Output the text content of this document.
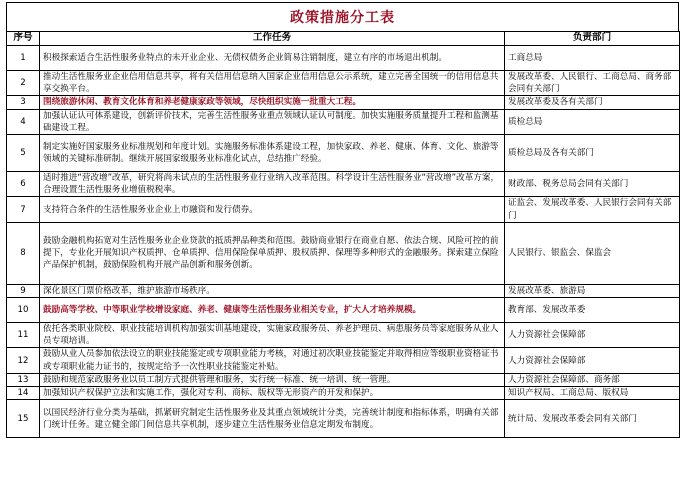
政策措施分工表
序号	工作任务	负责部门
1	积极探索适合生活性服务业特点的未开业企业、无债权债务企业简易注销制度，建立有序的市场退出机制。	工商总局
2	推动生活性服务业企业信用信息共享，将有关信用信息纳入国家企业信用信息公示系统，建立完善全国统一的信用信息共享交换平台。	发展改革委、人民银行、工商总局、商务部会同有关部门
3	围绕旅游休闲、教育文化体育和养老健康家政等领域，尽快组织实施一批重大工程。	发展改革委及各有关部门
4	加强认证认可体系建设，创新评价技术，完善生活性服务业重点领域认证认可制度。加快实施服务质量提升工程和监测基础建设工程。	质检总局
5	制定实施好国家服务业标准规划和年度计划。实施服务标准体系建设工程，加快家政、养老、健康、体育、文化、旅游等领域的关键标准研制。继续开展国家级服务业标准化试点，总结推广经验。	质检总局及各有关部门
6	适时推进“营改增”改革，研究将尚未试点的生活性服务业行业纳入改革范围。科学设计生活性服务业“营改增”改革方案，合理设置生活性服务业增值税税率。	财政部、税务总局会同有关部门
7	支持符合条件的生活性服务业企业上市融资和发行债券。	证监会、发展改革委、人民银行会同有关部门
8	鼓励金融机构拓宽对生活性服务业企业贷款的抵质押品种类和范围。鼓励商业银行在商业自愿、依法合规、风险可控的前提下，专业化开展知识产权质押、仓单质押、信用保险保单质押、股权质押、保理等多种形式的金融服务。探索建立保险产品保护机制，鼓励保险机构开展产品创新和服务创新。	人民银行、银监会、保监会
9	深化景区门票价格改革，维护旅游市场秩序。	发展改革委、旅游局
10	鼓励高等学校、中等职业学校增设家庭、养老、健康等生活性服务业相关专业，扩大人才培养规模。	教育部、发展改革委
11	依托各类职业院校、职业技能培训机构加强实训基地建设，实施家政服务员、养老护理员、病患服务员等家庭服务从业人员专项培训。	人力资源社会保障部
12	鼓励从业人员参加依法设立的职业技能鉴定或专项职业能力考核，对通过初次职业技能鉴定并取得相应等级职业资格证书或专项职业能力证书的，按规定给予一次性职业技能鉴定补贴。	人力资源社会保障部
13	鼓励和规范家政服务业以员工制方式提供管理和服务，实行统一标准、统一培训、统一管理。	人力资源社会保障部、商务部
14	加强知识产权保护立法和实施工作，强化对专利、商标、版权等无形资产的开发和保护。	知识产权局、工商总局、版权局
15	以国民经济行业分类为基础，抓紧研究制定生活性服务业及其重点领域统计分类，完善统计制度和指标体系，明确有关部门统计任务。建立健全部门间信息共享机制，逐步建立生活性服务业信息定期发布制度。	统计局、发展改革委会同有关部门
